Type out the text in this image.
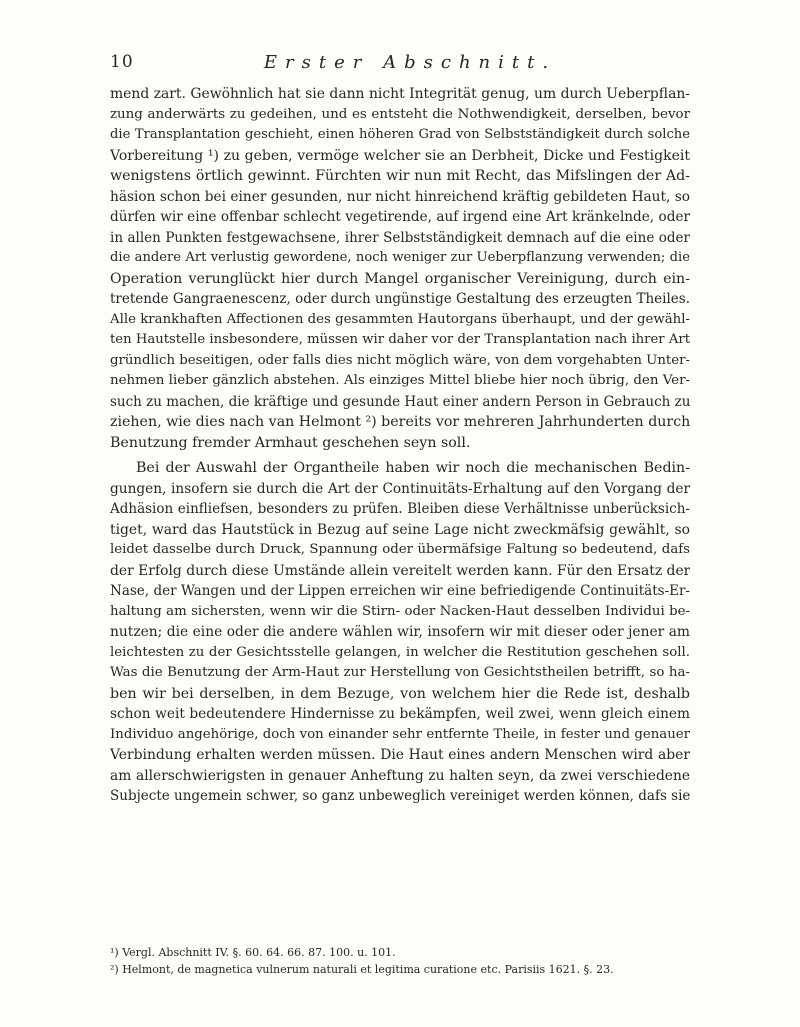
10	Erster Abschnitt.

mend zart. Gewöhnlich hat sie dann nicht Integrität genug, um durch Ueberpflan-
zung anderwärts zu gedeihen, und es entsteht die Nothwendigkeit, derselben, bevor
die Transplantation geschieht, einen höheren Grad von Selbstständigkeit durch solche
Vorbereitung ¹) zu geben, vermöge welcher sie an Derbheit, Dicke und Festigkeit
wenigstens örtlich gewinnt. Fürchten wir nun mit Recht, das Mifslingen der Ad-
häsion schon bei einer gesunden, nur nicht hinreichend kräftig gebildeten Haut, so
dürfen wir eine offenbar schlecht vegetirende, auf irgend eine Art kränkelnde, oder
in allen Punkten festgewachsene, ihrer Selbstständigkeit demnach auf die eine oder
die andere Art verlustig gewordene, noch weniger zur Ueberpflanzung verwenden; die
Operation verunglückt hier durch Mangel organischer Vereinigung, durch ein-
tretende Gangraenescenz, oder durch ungünstige Gestaltung des erzeugten Theiles.
Alle krankhaften Affectionen des gesammten Hautorgans überhaupt, und der gewähl-
ten Hautstelle insbesondere, müssen wir daher vor der Transplantation nach ihrer Art
gründlich beseitigen, oder falls dies nicht möglich wäre, von dem vorgehabten Unter-
nehmen lieber gänzlich abstehen. Als einziges Mittel bliebe hier noch übrig, den Ver-
such zu machen, die kräftige und gesunde Haut einer andern Person in Gebrauch zu
ziehen, wie dies nach van Helmont ²) bereits vor mehreren Jahrhunderten durch
Benutzung fremder Armhaut geschehen seyn soll.

Bei der Auswahl der Organtheile haben wir noch die mechanischen Bedin-
gungen, insofern sie durch die Art der Continuitäts-Erhaltung auf den Vorgang der
Adhäsion einfliefsen, besonders zu prüfen. Bleiben diese Verhältnisse unberücksich-
tiget, ward das Hautstück in Bezug auf seine Lage nicht zweckmäfsig gewählt, so
leidet dasselbe durch Druck, Spannung oder übermäfsige Faltung so bedeutend, dafs
der Erfolg durch diese Umstände allein vereitelt werden kann. Für den Ersatz der
Nase, der Wangen und der Lippen erreichen wir eine befriedigende Continuitäts-Er-
haltung am sichersten, wenn wir die Stirn- oder Nacken-Haut desselben Individui be-
nutzen; die eine oder die andere wählen wir, insofern wir mit dieser oder jener am
leichtesten zu der Gesichtsstelle gelangen, in welcher die Restitution geschehen soll.
Was die Benutzung der Arm-Haut zur Herstellung von Gesichtstheilen betrifft, so ha-
ben wir bei derselben, in dem Bezuge, von welchem hier die Rede ist, deshalb
schon weit bedeutendere Hindernisse zu bekämpfen, weil zwei, wenn gleich einem
Individuo angehörige, doch von einander sehr entfernte Theile, in fester und genauer
Verbindung erhalten werden müssen. Die Haut eines andern Menschen wird aber
am allerschwierigsten in genauer Anheftung zu halten seyn, da zwei verschiedene
Subjecte ungemein schwer, so ganz unbeweglich vereiniget werden können, dafs sie

¹) Vergl. Abschnitt IV. §. 60. 64. 66. 87. 100. u. 101.
²) Helmont, de magnetica vulnerum naturali et legitima curatione etc. Parisiis 1621. §. 23.
